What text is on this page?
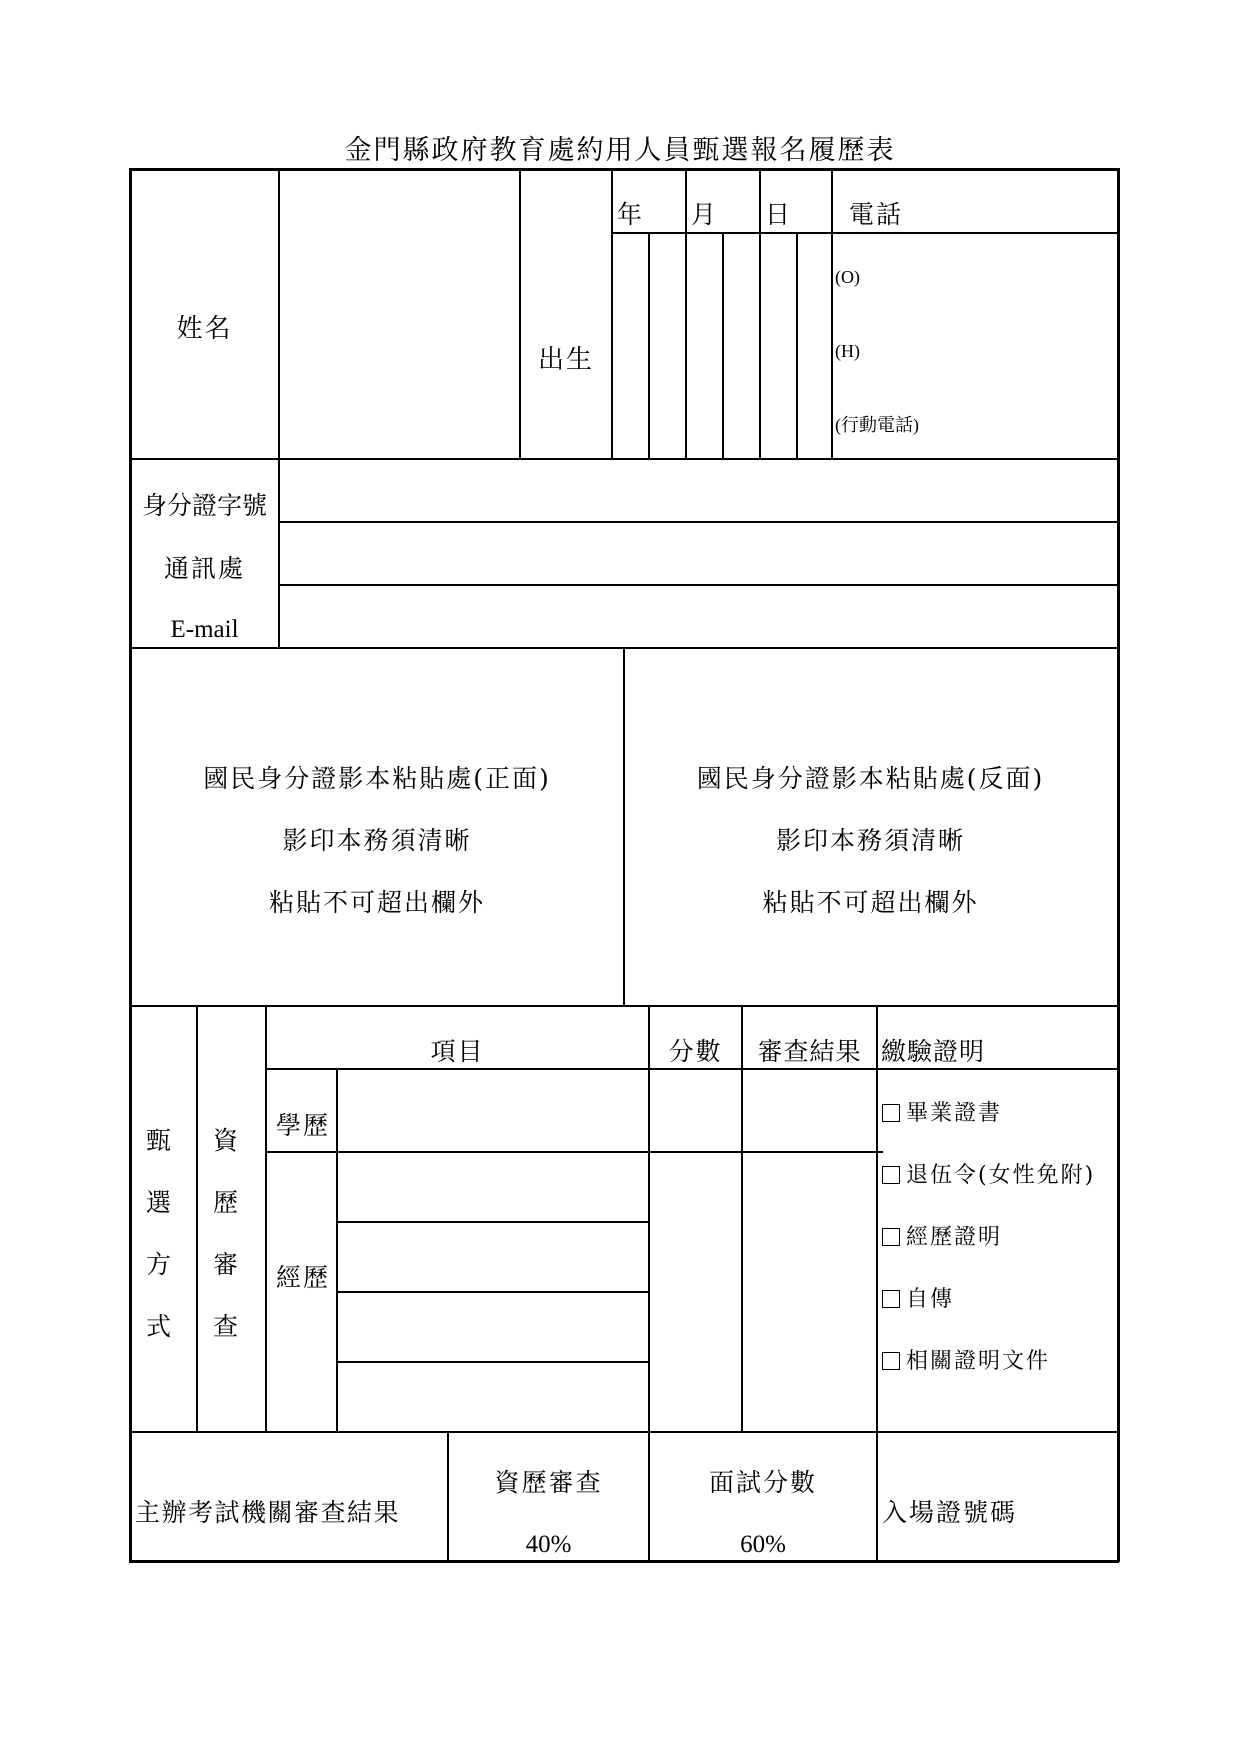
金門縣政府教育處約用人員甄選報名履歷表
姓名
出生
年 月 日 電話
(O)
(H)
(行動電話)
身分證字號
通訊處
E-mail
國民身分證影本粘貼處(正面)
影印本務須清晰
粘貼不可超出欄外
國民身分證影本粘貼處(反面)
影印本務須清晰
粘貼不可超出欄外
甄
選
方
式
資
歷
審
查
項目	分數	審查結果 繳驗證明
學歷
經歷
畢業證書
退伍令(女性免附)
經歷證明
自傳
相關證明文件
主辦考試機關審查結果
資歷審查
40%
面試分數
60%
入場證號碼
